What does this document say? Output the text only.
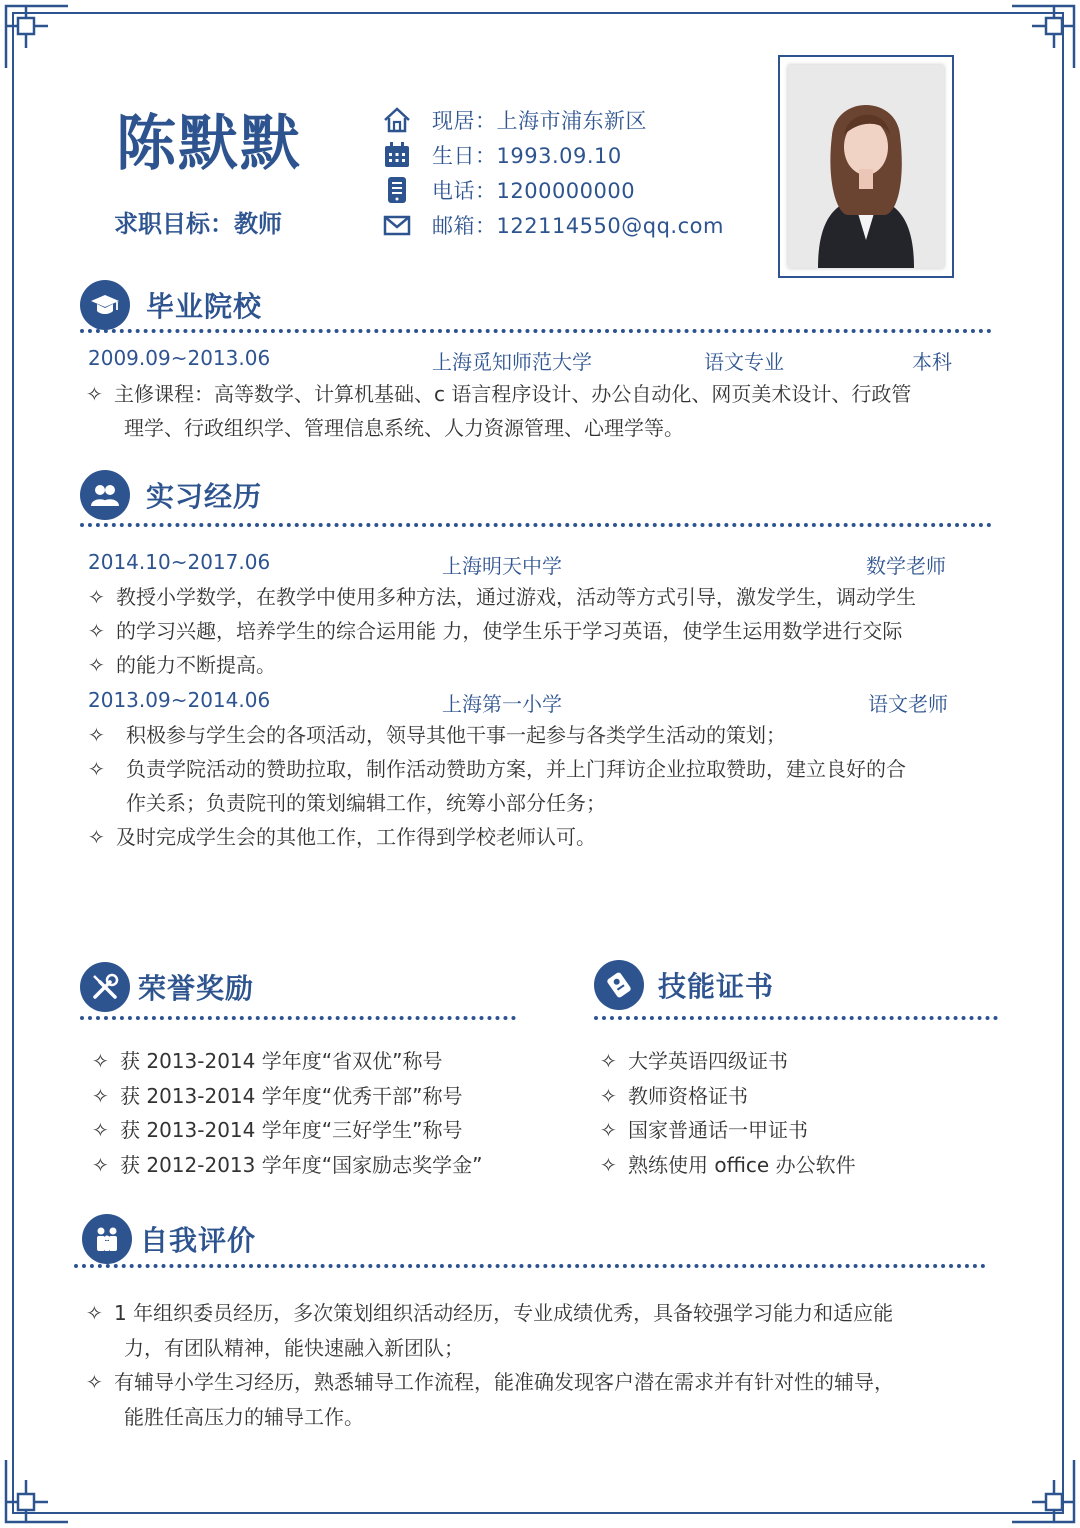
陈默默
求职目标：教师
现居：上海市浦东新区
生日：1993.09.10
电话：1200000000
邮箱：122114550@qq.com
毕业院校
2009.09~2013.06	上海觅知师范大学	语文专业	本科
✧ 主修课程：高等数学、计算机基础、c 语言程序设计、办公自动化、网页美术设计、行政管
理学、行政组织学、管理信息系统、人力资源管理、心理学等。
实习经历
2014.10~2017.06	上海明天中学	数学老师
✧ 教授小学数学，在教学中使用多种方法，通过游戏，活动等方式引导，激发学生，调动学生
✧ 的学习兴趣，培养学生的综合运用能 力，使学生乐于学习英语，使学生运用数学进行交际
✧ 的能力不断提高。
2013.09~2014.06	上海第一小学	语文老师
✧ 积极参与学生会的各项活动，领导其他干事一起参与各类学生活动的策划；
✧ 负责学院活动的赞助拉取，制作活动赞助方案，并上门拜访企业拉取赞助，建立良好的合
作关系；负责院刊的策划编辑工作，统筹小部分任务；
✧ 及时完成学生会的其他工作，工作得到学校老师认可。
荣誉奖励
✧ 获 2013-2014 学年度“省双优”称号
✧ 获 2013-2014 学年度“优秀干部”称号
✧ 获 2013-2014 学年度“三好学生”称号
✧ 获 2012-2013 学年度“国家励志奖学金”
技能证书
✧ 大学英语四级证书
✧ 教师资格证书
✧ 国家普通话一甲证书
✧ 熟练使用 office 办公软件
自我评价
✧ 1 年组织委员经历，多次策划组织活动经历，专业成绩优秀，具备较强学习能力和适应能
力，有团队精神，能快速融入新团队；
✧ 有辅导小学生习经历，熟悉辅导工作流程，能准确发现客户潜在需求并有针对性的辅导，
能胜任高压力的辅导工作。
